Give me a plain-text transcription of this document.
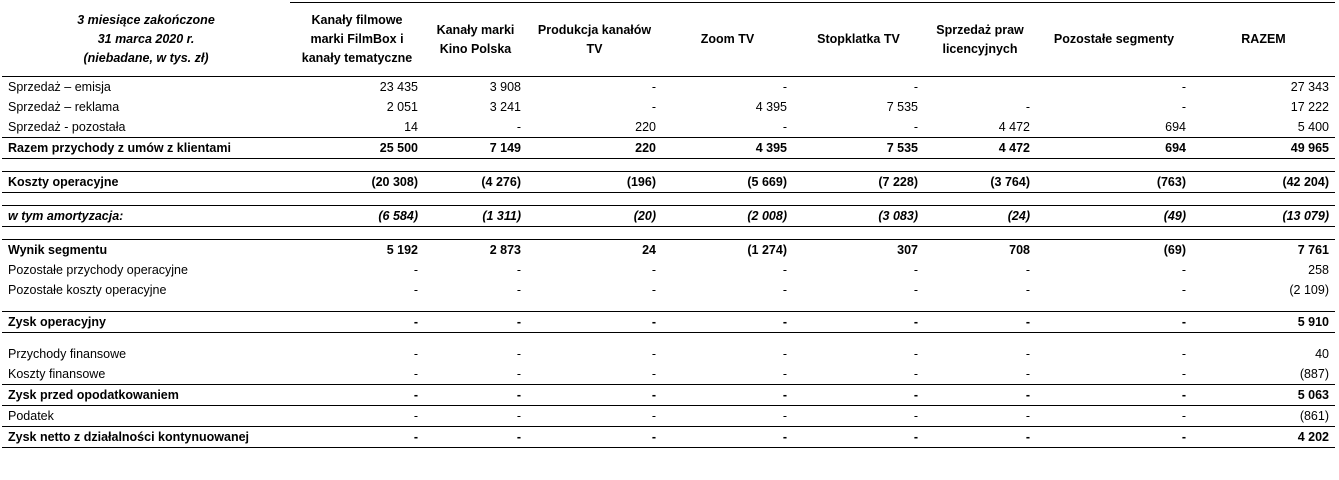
3 miesiące zakończone
31 marca 2020 r.
(niebadane, w tys. zł)	Kanały filmowe marki FilmBox i kanały tematyczne	Kanały marki Kino Polska	Produkcja kanałów TV	Zoom TV	Stopklatka TV	Sprzedaż praw licencyjnych	Pozostałe segmenty	RAZEM
Sprzedaż – emisja	23 435	3 908	-	-	-		-	27 343
Sprzedaż – reklama	2 051	3 241	-	4 395	7 535	-	-	17 222
Sprzedaż - pozostała	14	-	220	-	-	4 472	694	5 400
Razem przychody z umów z klientami	25 500	7 149	220	4 395	7 535	4 472	694	49 965

Koszty operacyjne	(20 308)	(4 276)	(196)	(5 669)	(7 228)	(3 764)	(763)	(42 204)

w tym amortyzacja:	(6 584)	(1 311)	(20)	(2 008)	(3 083)	(24)	(49)	(13 079)

Wynik segmentu	5 192	2 873	24	(1 274)	307	708	(69)	7 761
Pozostałe przychody operacyjne	-	-	-	-	-	-	-	258
Pozostałe koszty operacyjne	-	-	-	-	-	-	-	(2 109)

Zysk operacyjny	-	-	-	-	-	-	-	5 910

Przychody finansowe	-	-	-	-	-	-	-	40
Koszty finansowe	-	-	-	-	-	-	-	(887)
Zysk przed opodatkowaniem	-	-	-	-	-	-	-	5 063
Podatek	-	-	-	-	-	-	-	(861)
Zysk netto z działalności kontynuowanej	-	-	-	-	-	-	-	4 202
